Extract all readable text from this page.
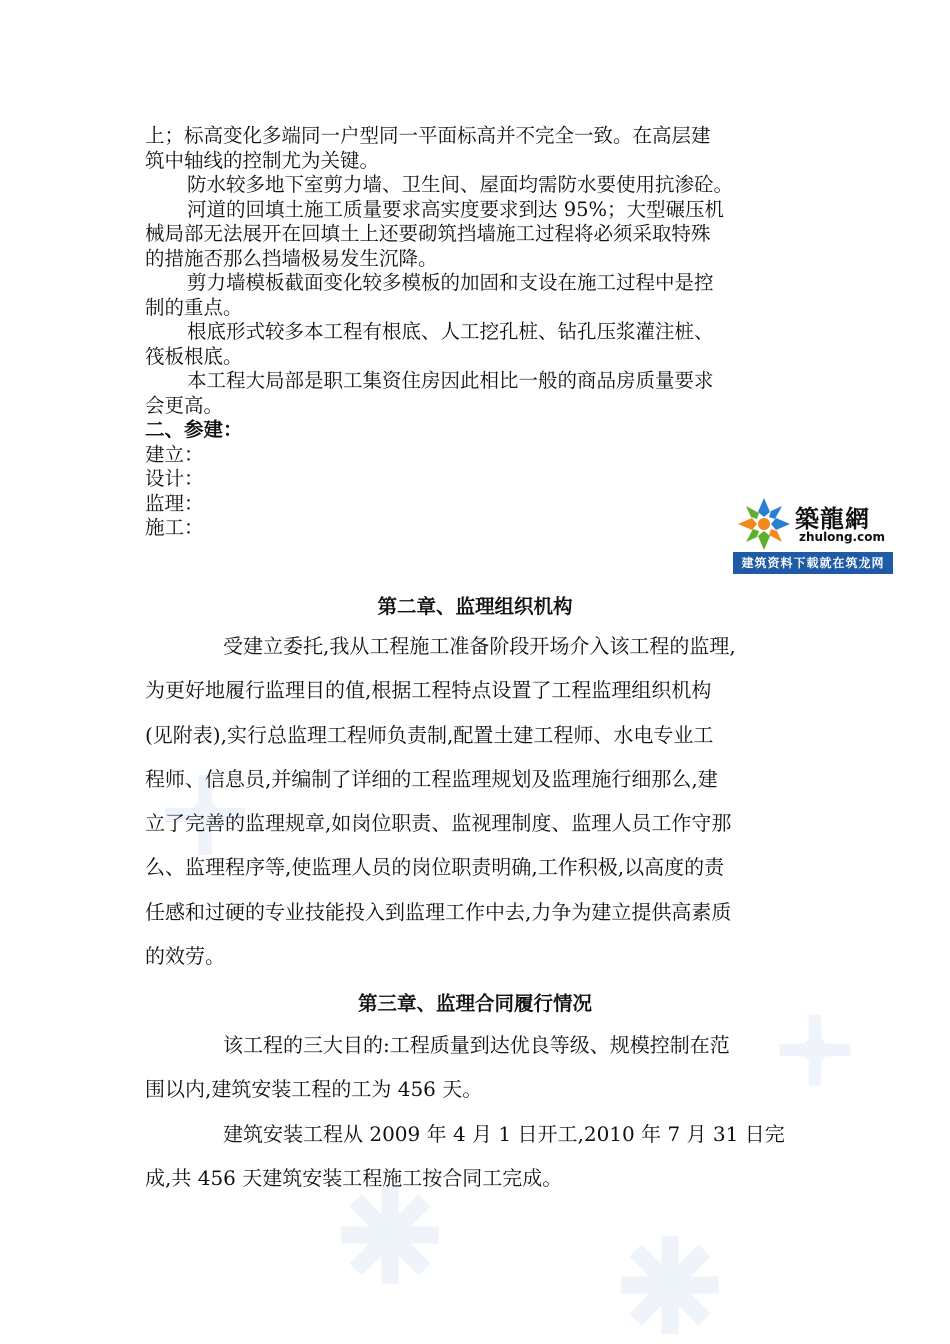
上；标高变化多端同一户型同一平面标高并不完全一致。在高层建
筑中轴线的控制尤为关键。
防水较多地下室剪力墙、卫生间、屋面均需防水要使用抗渗砼。
河道的回填土施工质量要求高实度要求到达 95%；大型碾压机
械局部无法展开在回填土上还要砌筑挡墙施工过程将必须采取特殊
的措施否那么挡墙极易发生沉降。
剪力墙模板截面变化较多模板的加固和支设在施工过程中是控
制的重点。
根底形式较多本工程有根底、人工挖孔桩、钻孔压浆灌注桩、
筏板根底。
本工程大局部是职工集资住房因此相比一般的商品房质量要求
会更高。
二、参建：
建立：
设计：
监理：
施工：	築龍網
zhulong.com
建筑资料下载就在筑龙网
第二章、监理组织机构
受建立委托,我从工程施工准备阶段开场介入该工程的监理,
为更好地履行监理目的值,根据工程特点设置了工程监理组织机构
(见附表),实行总监理工程师负责制,配置土建工程师、水电专业工
程师、信息员,并编制了详细的工程监理规划及监理施行细那么,建
立了完善的监理规章,如岗位职责、监视理制度、监理人员工作守那
么、监理程序等,使监理人员的岗位职责明确,工作积极,以高度的责
任感和过硬的专业技能投入到监理工作中去,力争为建立提供高素质
的效劳。
第三章、监理合同履行情况
该工程的三大目的:工程质量到达优良等级、规模控制在范
围以内,建筑安装工程的工为 456 天。
建筑安装工程从 2009 年 4 月 1 日开工,2010 年 7 月 31 日完
成,共 456 天建筑安装工程施工按合同工完成。
